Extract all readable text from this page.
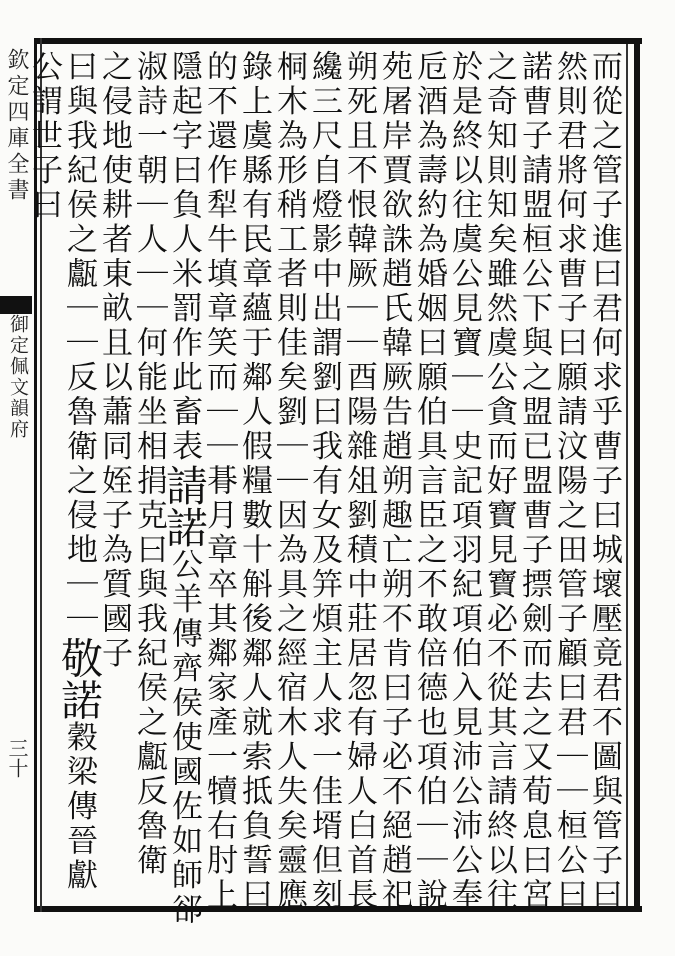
欽定四庫全書
御定佩文韻府
三十	而從之管子進曰君何求乎曹子曰城壞壓竟君不圖與管子曰
然則君將何求曹子曰願請汶陽之田管子顧曰君｜｜桓公曰
諾曹子請盟桓公下與之盟已盟曹子摽劍而去之又荀息曰宮
之奇知則知矣雖然虞公貪而好寶見寶必不從其言請終以往
於是終以往虞公見寶｜｜史記項羽紀項伯入見沛公沛公奉
卮酒為壽約為婚姻曰願伯具言臣之不敢倍德也項伯｜｜說
苑屠岸賈欲誅趙氏韓厥告趙朔趣亡朔不肯曰子必不絕趙祀
朔死且不恨韓厥｜｜酉陽雜俎劉積中莊居忽有婦人白首長
纔三尺自燈影中出謂劉曰我有女及笄煩主人求一佳壻但刻
桐木為形稍工者則佳矣劉｜｜因為具之經宿木人失矣靈應
錄上虞縣有民章蘊于鄰人假糧數十斛後鄰人就索抵負誓曰
的不還作犁牛填章笑而｜｜朞月章卒其鄰家產一犢右肘上
隱起字曰負人米罰作此畜表請諾公羊傳齊侯使國佐如師郤
淑詩一朝｜人｜｜何能坐相捐克曰與我紀侯之甗反魯衛
之侵地使耕者東畝且以蕭同姪子為質國子
曰與我紀侯之甗｜｜反魯衛之侵地｜｜敬諾穀梁傳晉獻
公謂世子曰
